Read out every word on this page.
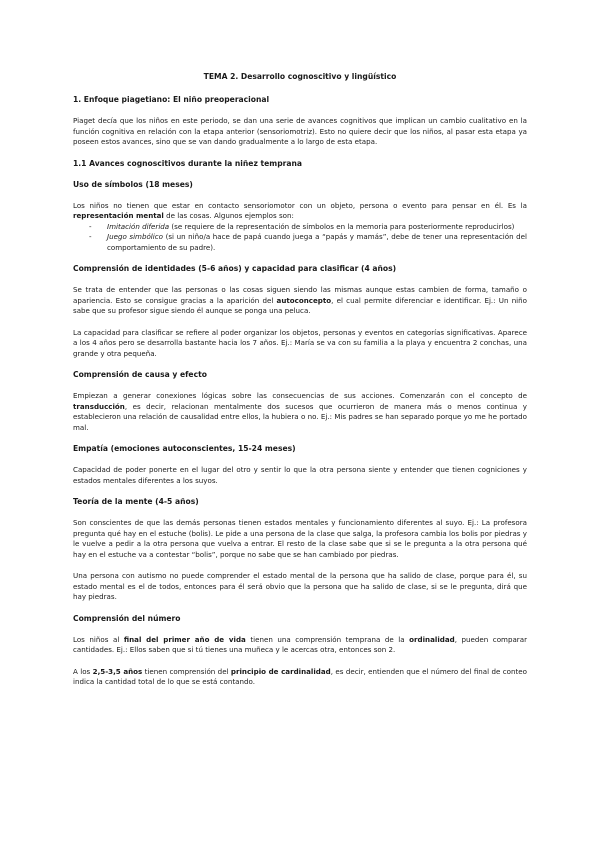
TEMA 2. Desarrollo cognoscitivo y lingüístico
1. Enfoque piagetiano: El niño preoperacional

Piaget decía que los niños en este periodo, se dan una serie de avances cognitivos que implican un cambio cualitativo en la función cognitiva en relación con la etapa anterior (sensoriomotriz). Esto no quiere decir que los niños, al pasar esta etapa ya poseen estos avances, sino que se van dando gradualmente a lo largo de esta etapa.

1.1 Avances cognoscitivos durante la niñez temprana
Uso de símbolos (18 meses)

Los niños no tienen que estar en contacto sensoriomotor con un objeto, persona o evento para pensar en él. Es la representación mental de las cosas. Algunos ejemplos son:

- Imitación diferida (se requiere de la representación de símbolos en la memoria para posteriormente reproducirlos)
- Juego simbólico (si un niño/a hace de papá cuando juega a “papás y mamás”, debe de tener una representación del comportamiento de su padre).
Comprensión de identidades (5-6 años) y capacidad para clasificar (4 años)

Se trata de entender que las personas o las cosas siguen siendo las mismas aunque estas cambien de forma, tamaño o apariencia. Esto se consigue gracias a la aparición del autoconcepto, el cual permite diferenciar e identificar. Ej.: Un niño sabe que su profesor sigue siendo él aunque se ponga una peluca.

La capacidad para clasificar se refiere al poder organizar los objetos, personas y eventos en categorías significativas. Aparece a los 4 años pero se desarrolla bastante hacia los 7 años. Ej.: María se va con su familia a la playa y encuentra 2 conchas, una grande y otra pequeña.

Comprensión de causa y efecto

Empiezan a generar conexiones lógicas sobre las consecuencias de sus acciones. Comenzarán con el concepto de transducción, es decir, relacionan mentalmente dos sucesos que ocurrieron de manera más o menos continua y establecieron una relación de causalidad entre ellos, la hubiera o no. Ej.: Mis padres se han separado porque yo me he portado mal.

Empatía (emociones autoconscientes, 15-24 meses)

Capacidad de poder ponerte en el lugar del otro y sentir lo que la otra persona siente y entender que tienen cogniciones y estados mentales diferentes a los suyos.

Teoría de la mente (4-5 años)

Son conscientes de que las demás personas tienen estados mentales y funcionamiento diferentes al suyo. Ej.: La profesora pregunta qué hay en el estuche (bolis). Le pide a una persona de la clase que salga, la profesora cambia los bolis por piedras y le vuelve a pedir a la otra persona que vuelva a entrar. El resto de la clase sabe que si se le pregunta a la otra persona qué hay en el estuche va a contestar “bolis”, porque no sabe que se han cambiado por piedras.

Una persona con autismo no puede comprender el estado mental de la persona que ha salido de clase, porque para él, su estado mental es el de todos, entonces para él será obvio que la persona que ha salido de clase, si se le pregunta, dirá que hay piedras.

Comprensión del número

Los niños al final del primer año de vida tienen una comprensión temprana de la ordinalidad, pueden comparar cantidades. Ej.: Ellos saben que si tú tienes una muñeca y le acercas otra, entonces son 2.

A los 2,5-3,5 años tienen comprensión del principio de cardinalidad, es decir, entienden que el número del final de conteo indica la cantidad total de lo que se está contando.
